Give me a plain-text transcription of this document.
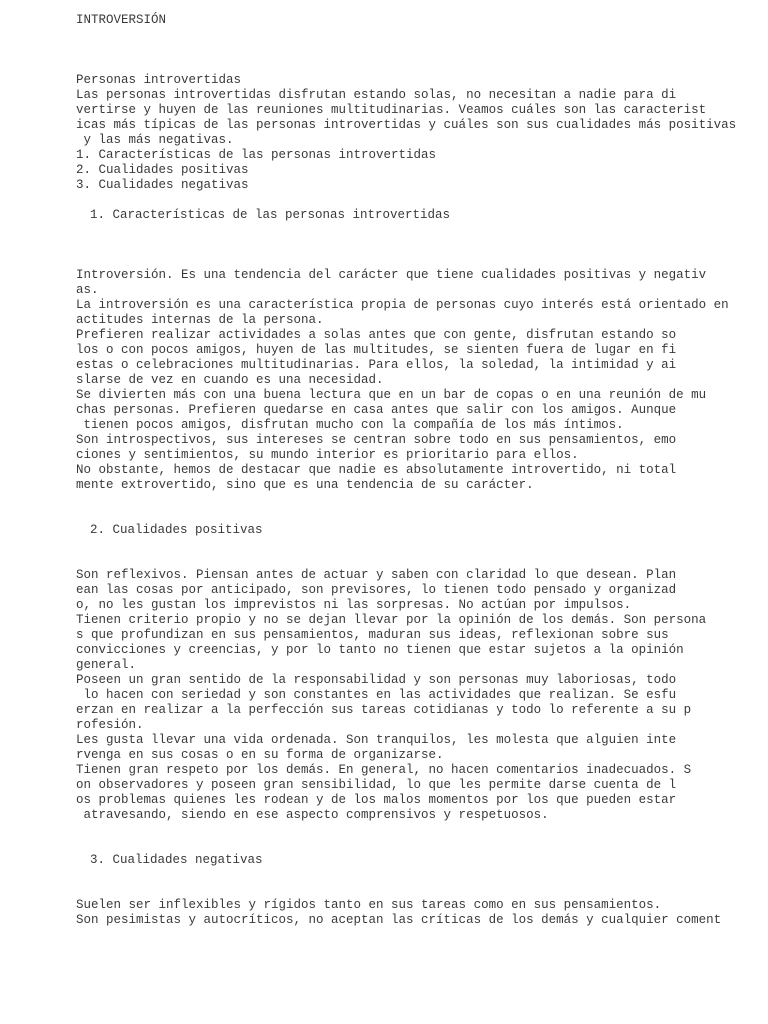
INTROVERSIÓN
Personas introvertidas
Las personas introvertidas disfrutan estando solas, no necesitan a nadie para di
vertirse y huyen de las reuniones multitudinarias. Veamos cuáles son las caracterist
icas más típicas de las personas introvertidas y cuáles son sus cualidades más positivas
y las más negativas.
1. Características de las personas introvertidas
2. Cualidades positivas
3. Cualidades negativas
1. Características de las personas introvertidas
Introversión. Es una tendencia del carácter que tiene cualidades positivas y negativ
as.
La introversión es una característica propia de personas cuyo interés está orientado en
actitudes internas de la persona.
Prefieren realizar actividades a solas antes que con gente, disfrutan estando so
los o con pocos amigos, huyen de las multitudes, se sienten fuera de lugar en fi
estas o celebraciones multitudinarias. Para ellos, la soledad, la intimidad y ai
slarse de vez en cuando es una necesidad.
Se divierten más con una buena lectura que en un bar de copas o en una reunión de mu
chas personas. Prefieren quedarse en casa antes que salir con los amigos. Aunque
tienen pocos amigos, disfrutan mucho con la compañía de los más íntimos.
Son introspectivos, sus intereses se centran sobre todo en sus pensamientos, emo
ciones y sentimientos, su mundo interior es prioritario para ellos.
No obstante, hemos de destacar que nadie es absolutamente introvertido, ni total
mente extrovertido, sino que es una tendencia de su carácter.
2. Cualidades positivas
Son reflexivos. Piensan antes de actuar y saben con claridad lo que desean. Plan
ean las cosas por anticipado, son previsores, lo tienen todo pensado y organizad
o, no les gustan los imprevistos ni las sorpresas. No actúan por impulsos.
Tienen criterio propio y no se dejan llevar por la opinión de los demás. Son persona
s que profundizan en sus pensamientos, maduran sus ideas, reflexionan sobre sus
convicciones y creencias, y por lo tanto no tienen que estar sujetos a la opinión
general.
Poseen un gran sentido de la responsabilidad y son personas muy laboriosas, todo
lo hacen con seriedad y son constantes en las actividades que realizan. Se esfu
erzan en realizar a la perfección sus tareas cotidianas y todo lo referente a su p
rofesión.
Les gusta llevar una vida ordenada. Son tranquilos, les molesta que alguien inte
rvenga en sus cosas o en su forma de organizarse.
Tienen gran respeto por los demás. En general, no hacen comentarios inadecuados. S
on observadores y poseen gran sensibilidad, lo que les permite darse cuenta de l
os problemas quienes les rodean y de los malos momentos por los que pueden estar
atravesando, siendo en ese aspecto comprensivos y respetuosos.
3. Cualidades negativas
Suelen ser inflexibles y rígidos tanto en sus tareas como en sus pensamientos.
Son pesimistas y autocríticos, no aceptan las críticas de los demás y cualquier coment
